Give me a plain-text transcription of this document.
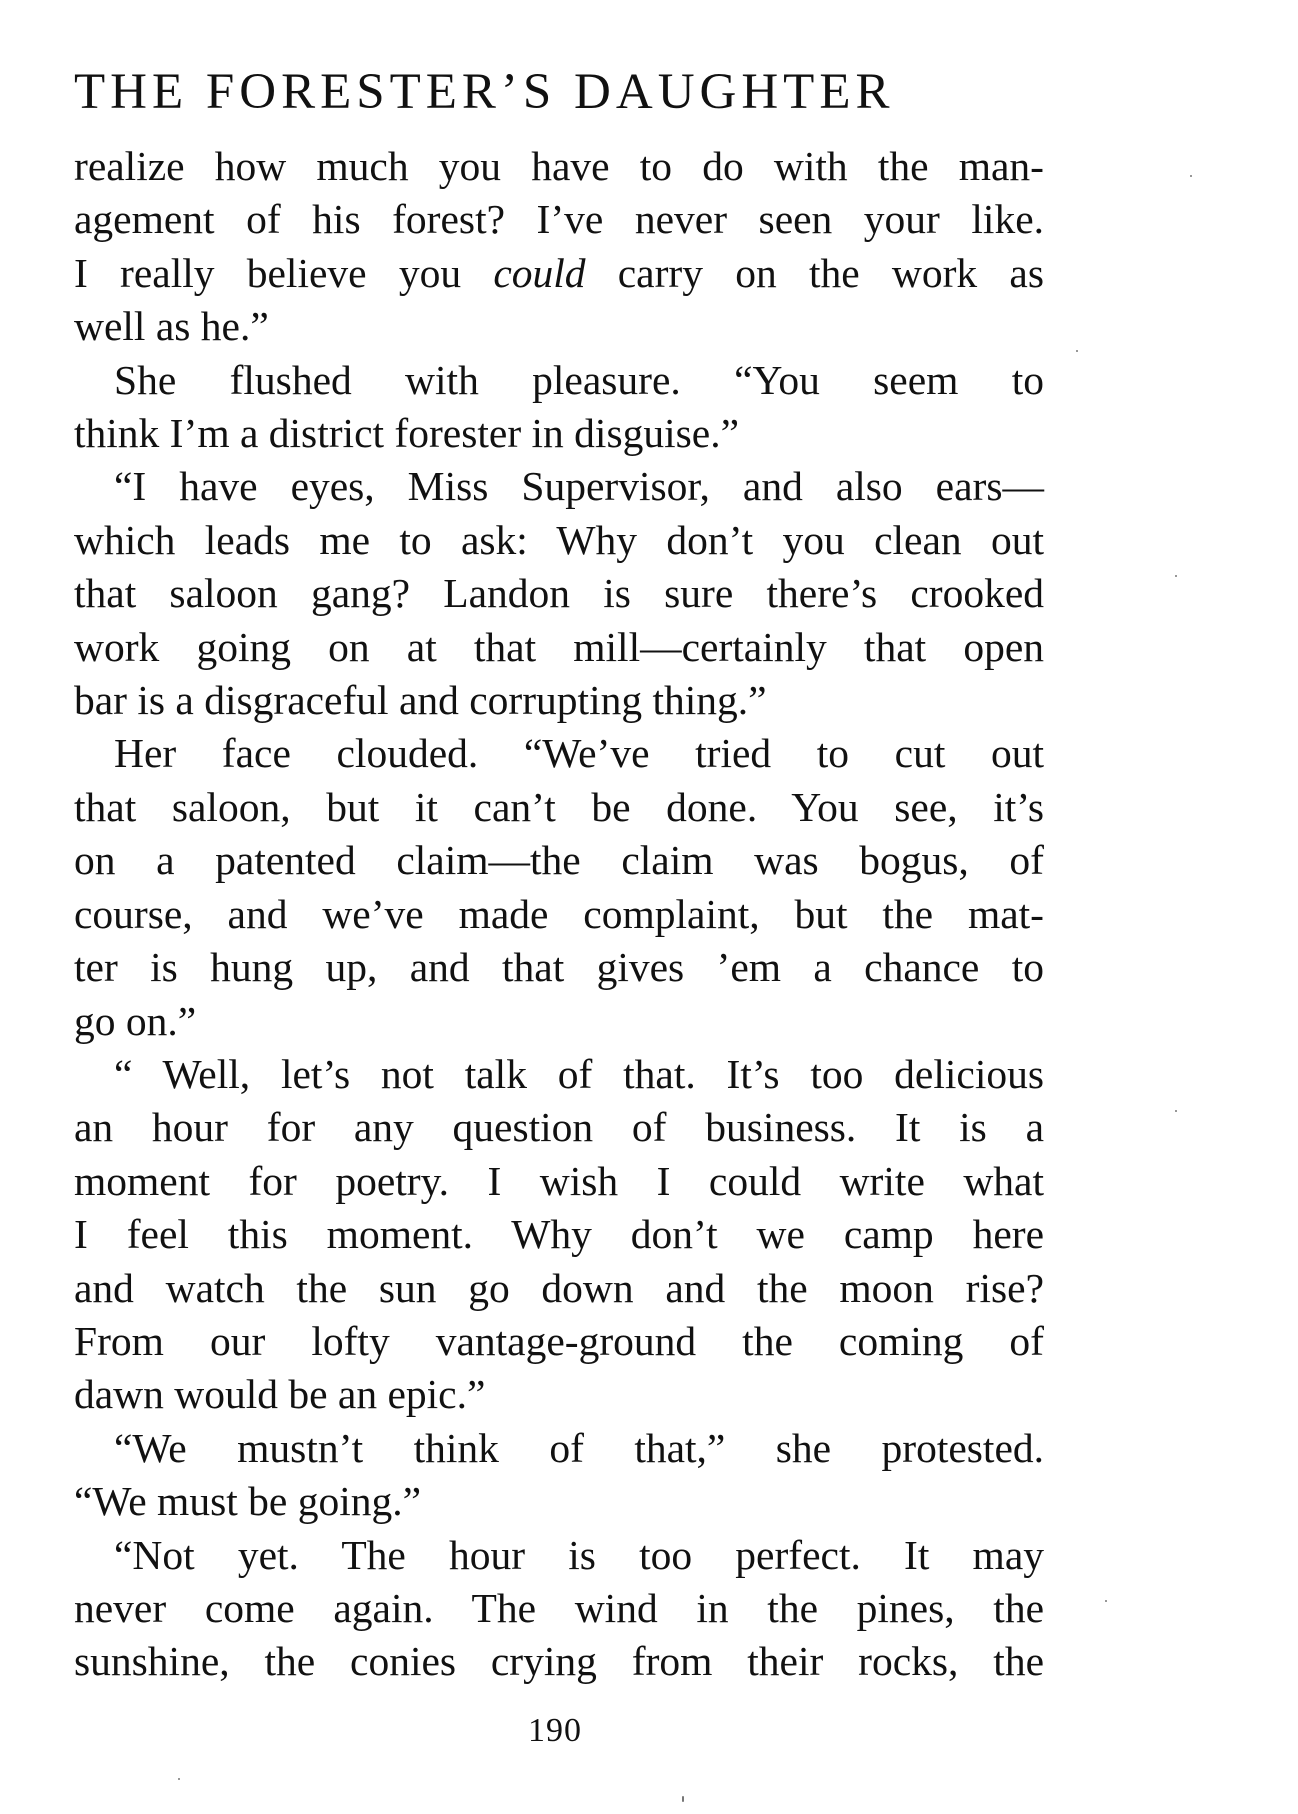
THE FORESTER’S DAUGHTER
realize how much you have to do with the man-
agement of his forest? I’ve never seen your like.
I really believe you could carry on the work as
well as he.”
She flushed with pleasure. “You seem to
think I’m a district forester in disguise.”
“I have eyes, Miss Supervisor, and also ears—
which leads me to ask: Why don’t you clean out
that saloon gang? Landon is sure there’s crooked
work going on at that mill—certainly that open
bar is a disgraceful and corrupting thing.”
Her face clouded. “We’ve tried to cut out
that saloon, but it can’t be done. You see, it’s
on a patented claim—the claim was bogus, of
course, and we’ve made complaint, but the mat-
ter is hung up, and that gives ’em a chance to
go on.”
“ Well, let’s not talk of that. It’s too delicious
an hour for any question of business. It is a
moment for poetry. I wish I could write what
I feel this moment. Why don’t we camp here
and watch the sun go down and the moon rise?
From our lofty vantage-ground the coming of
dawn would be an epic.”
“We mustn’t think of that,” she protested.
“We must be going.”
“Not yet. The hour is too perfect. It may
never come again. The wind in the pines, the
sunshine, the conies crying from their rocks, the
190
